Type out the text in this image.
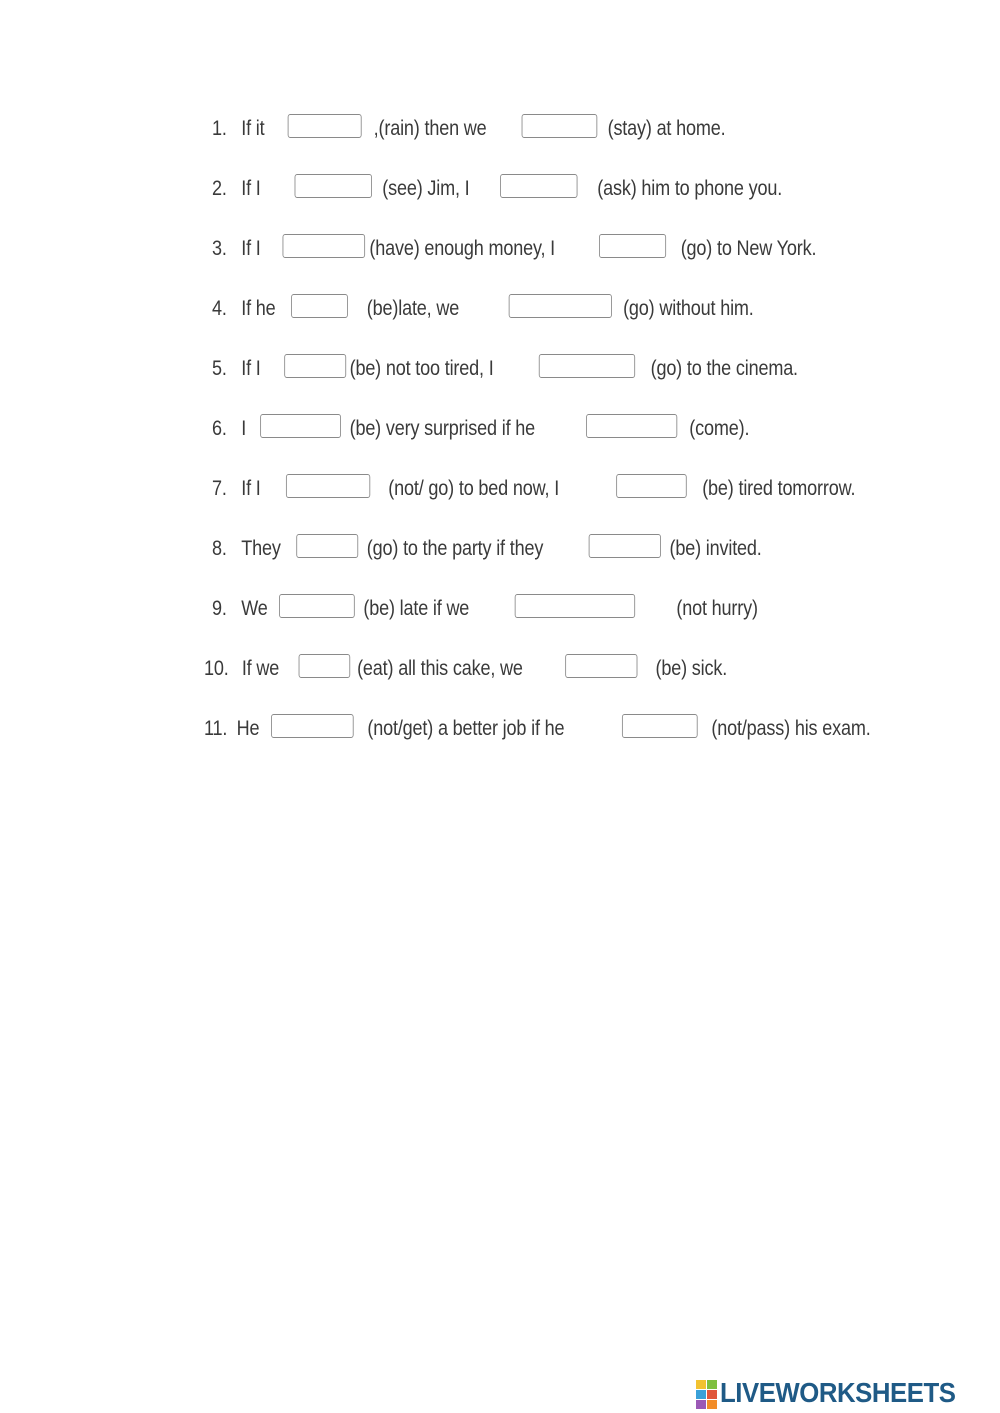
1. If it	,(rain) then we	(stay) at home.
2. If I	(see) Jim, I	(ask) him to phone you.
3. If I	(have) enough money, I	(go) to New York.
4. If he	(be)late, we	(go) without him.
5. If I	(be) not too tired, I	(go) to the cinema.
6. I	(be) very surprised if he	(come).
7. If I	(not/ go) to bed now, I	(be) tired tomorrow.
8. They	(go) to the party if they	(be) invited.
9. We	(be) late if we	(not hurry)
10. If we	(eat) all this cake, we	(be) sick.
11. He	(not/get) a better job if he	(not/pass) his exam.
LIVEWORKSHEETS
